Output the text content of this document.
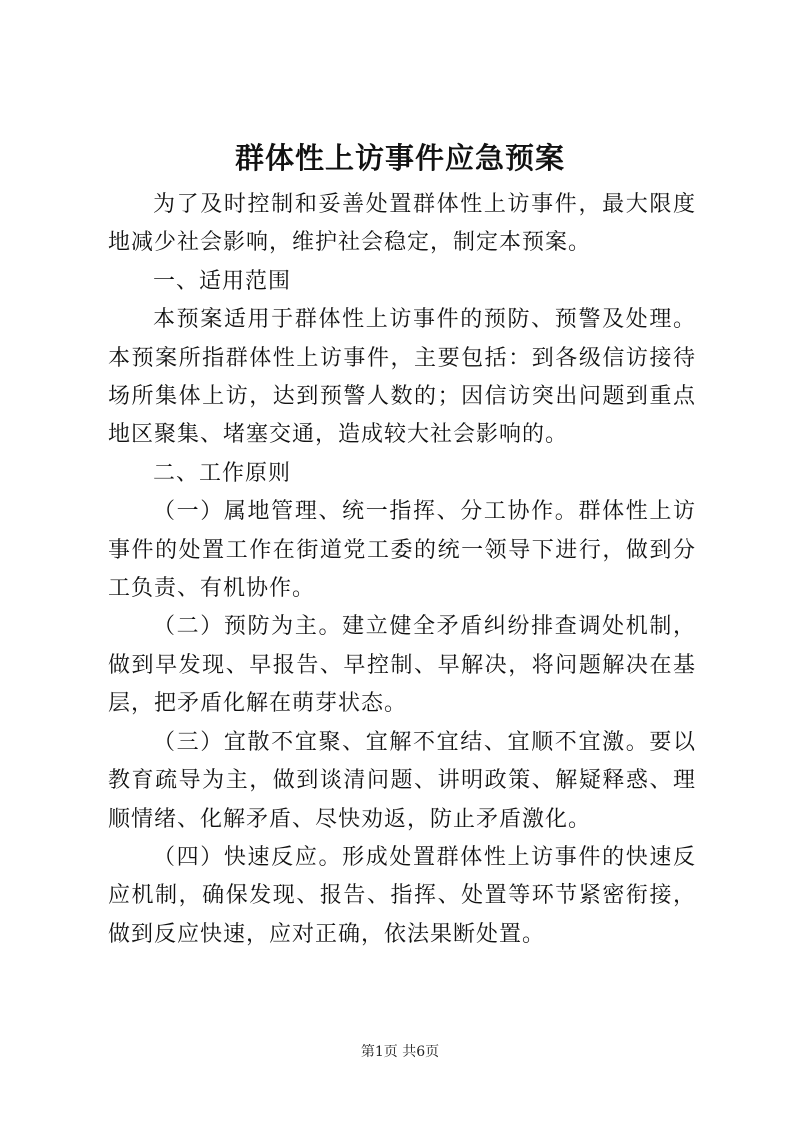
群体性上访事件应急预案

为了及时控制和妥善处置群体性上访事件，最大限度地减少社会影响，维护社会稳定，制定本预案。

一、适用范围

本预案适用于群体性上访事件的预防、预警及处理。本预案所指群体性上访事件，主要包括：到各级信访接待场所集体上访，达到预警人数的；因信访突出问题到重点地区聚集、堵塞交通，造成较大社会影响的。

二、工作原则

（一）属地管理、统一指挥、分工协作。群体性上访事件的处置工作在街道党工委的统一领导下进行，做到分工负责、有机协作。

（二）预防为主。建立健全矛盾纠纷排查调处机制，做到早发现、早报告、早控制、早解决，将问题解决在基层，把矛盾化解在萌芽状态。

（三）宜散不宜聚、宜解不宜结、宜顺不宜激。要以教育疏导为主，做到谈清问题、讲明政策、解疑释惑、理顺情绪、化解矛盾、尽快劝返，防止矛盾激化。

（四）快速反应。形成处置群体性上访事件的快速反应机制，确保发现、报告、指挥、处置等环节紧密衔接，做到反应快速，应对正确，依法果断处置。

第1页 共6页
